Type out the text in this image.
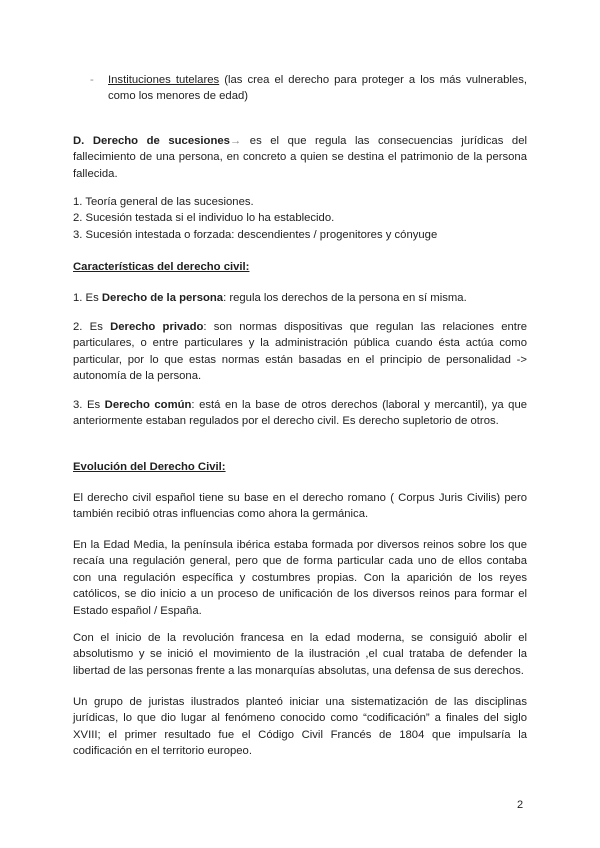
- Instituciones tutelares (las crea el derecho para proteger a los más vulnerables, como los menores de edad)
D. Derecho de sucesiones→ es el que regula las consecuencias jurídicas del fallecimiento de una persona, en concreto a quien se destina el patrimonio de la persona fallecida.
1. Teoría general de las sucesiones.
2. Sucesión testada si el individuo lo ha establecido.
3. Sucesión intestada o forzada: descendientes / progenitores y cónyuge
Características del derecho civil:
1. Es Derecho de la persona: regula los derechos de la persona en sí misma.
2. Es Derecho privado: son normas dispositivas que regulan las relaciones entre particulares, o entre particulares y la administración pública cuando ésta actúa como particular, por lo que estas normas están basadas en el principio de personalidad -> autonomía de la persona.
3. Es Derecho común: está en la base de otros derechos (laboral y mercantil), ya que anteriormente estaban regulados por el derecho civil. Es derecho supletorio de otros.
Evolución del Derecho Civil:
El derecho civil español tiene su base en el derecho romano ( Corpus Juris Civilis) pero también recibió otras influencias como ahora la germánica.
En la Edad Media, la península ibérica estaba formada por diversos reinos sobre los que recaía una regulación general, pero que de forma particular cada uno de ellos contaba con una regulación específica y costumbres propias. Con la aparición de los reyes católicos, se dio inicio a un proceso de unificación de los diversos reinos para formar el Estado español / España.
Con el inicio de la revolución francesa en la edad moderna, se consiguió abolir el absolutismo y se inició el movimiento de la ilustración ,el cual trataba de defender la libertad de las personas frente a las monarquías absolutas, una defensa de sus derechos.
Un grupo de juristas ilustrados planteó iniciar una sistematización de las disciplinas jurídicas, lo que dio lugar al fenómeno conocido como “codificación” a finales del siglo XVIII; el primer resultado fue el Código Civil Francés de 1804 que impulsaría la codificación en el territorio europeo.
2
